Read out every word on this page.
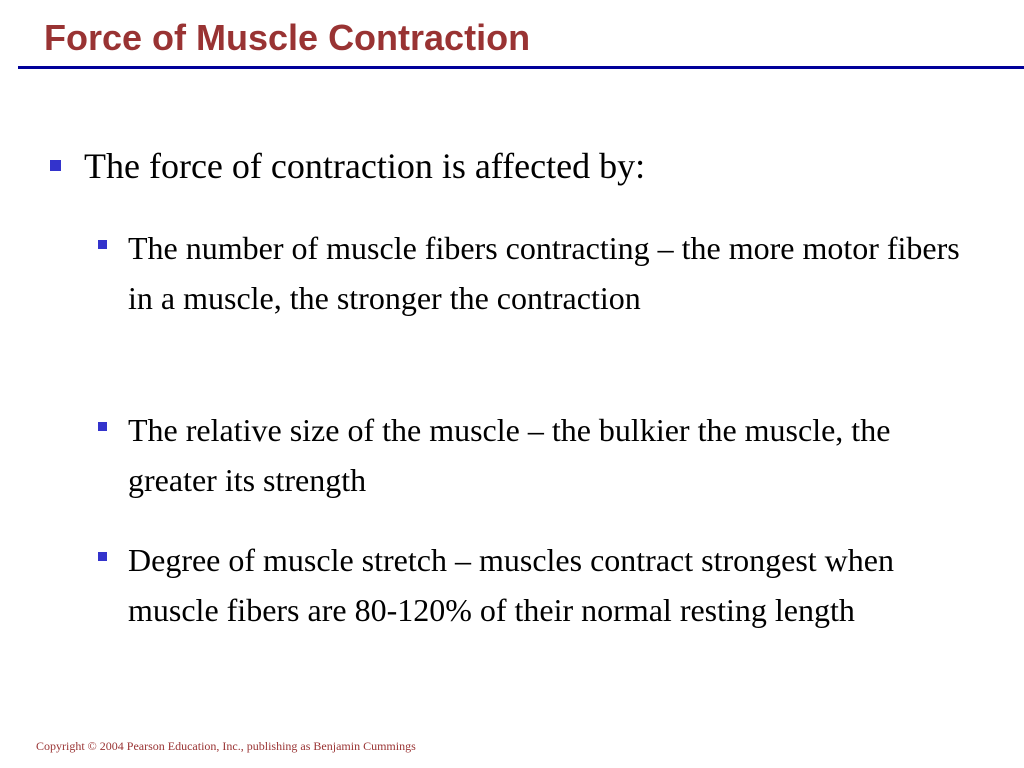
Force of Muscle Contraction
The force of contraction is affected by:
The number of muscle fibers contracting – the more motor fibers in a muscle, the stronger the contraction
The relative size of the muscle – the bulkier the muscle, the greater its strength
Degree of muscle stretch – muscles contract strongest when muscle fibers are 80-120% of their normal resting length
Copyright © 2004 Pearson Education, Inc., publishing as Benjamin Cummings
